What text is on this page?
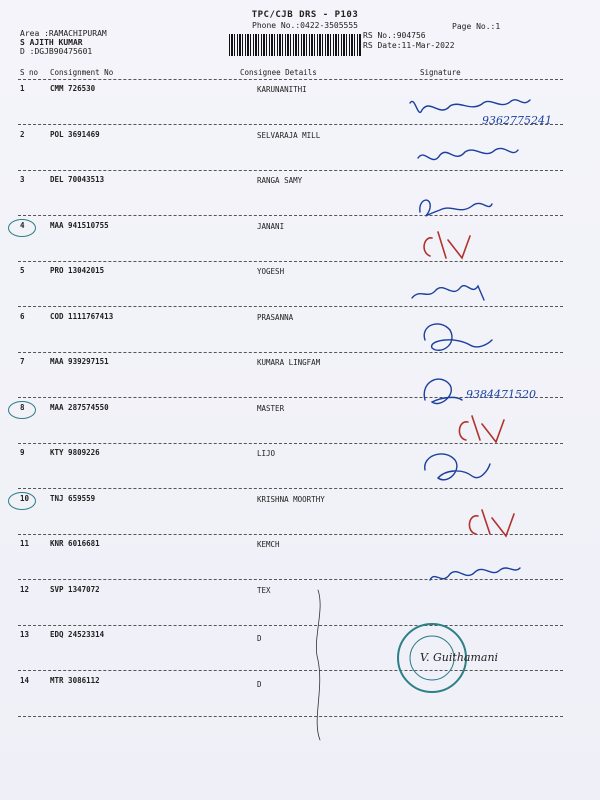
TPC/CJB DRS - P103
Phone No.:0422-3505555	Page No.:1
RS No.:904756
RS Date:11-Mar-2022
Area :RAMACHIPURAM
S AJITH KUMAR
D :DGJB90475601
S no Consignment No	Consignee Details	Signature
1	CMM 726530	KARUNANITHI
2	POL 3691469	SELVARAJA MILL
3	DEL 70043513	RANGA SAMY
4	MAA 941510755	JANANI
5	PRO 13042015	YOGESH
6	COD 1111767413	PRASANNA
7	MAA 939297151	KUMARA LINGFAM
8	MAA 287574550	MASTER
9	KTY 9809226	LIJO
10	TNJ 659559	KRISHNA MOORTHY
11	KNR 6016681	KEMCH
12	SVP 1347072	TEX
13	EDQ 24523314	D
14	MTR 3086112	D
9362775241
9384471520
V. Guithamani
